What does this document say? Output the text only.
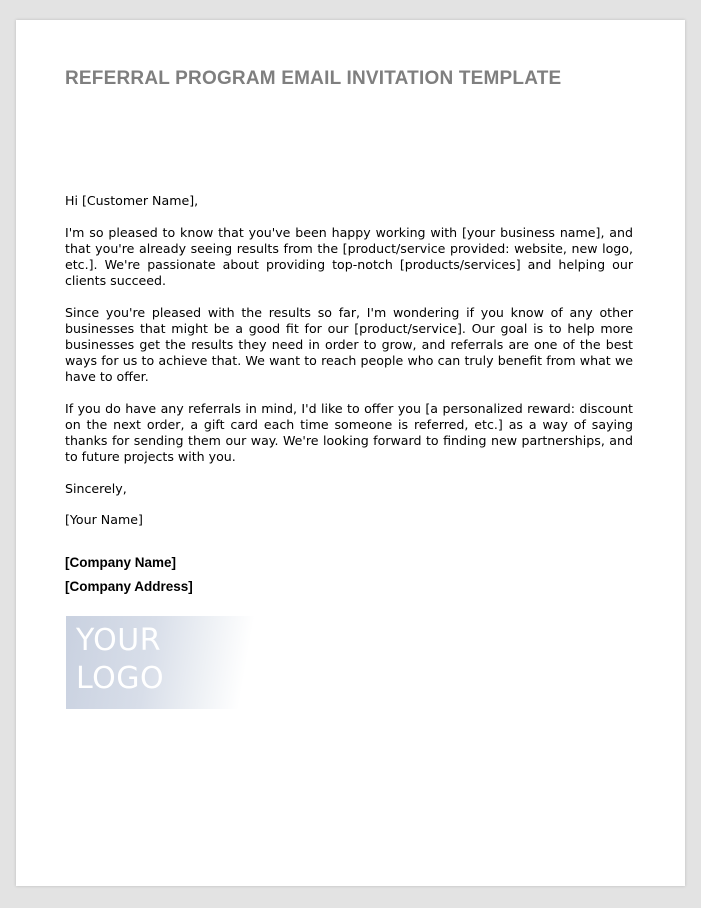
REFERRAL PROGRAM EMAIL INVITATION TEMPLATE

Hi [Customer Name],

I'm so pleased to know that you've been happy working with [your business name], and that you're already seeing results from the [product/service provided: website, new logo, etc.]. We're passionate about providing top-notch [products/services] and helping our clients succeed.

Since you're pleased with the results so far, I'm wondering if you know of any other businesses that might be a good fit for our [product/service]. Our goal is to help more businesses get the results they need in order to grow, and referrals are one of the best ways for us to achieve that. We want to reach people who can truly benefit from what we have to offer.

If you do have any referrals in mind, I'd like to offer you [a personalized reward: discount on the next order, a gift card each time someone is referred, etc.] as a way of saying thanks for sending them our way. We're looking forward to finding new partnerships, and to future projects with you.

Sincerely,

[Your Name]

[Company Name]
[Company Address]
YOUR
LOGO
